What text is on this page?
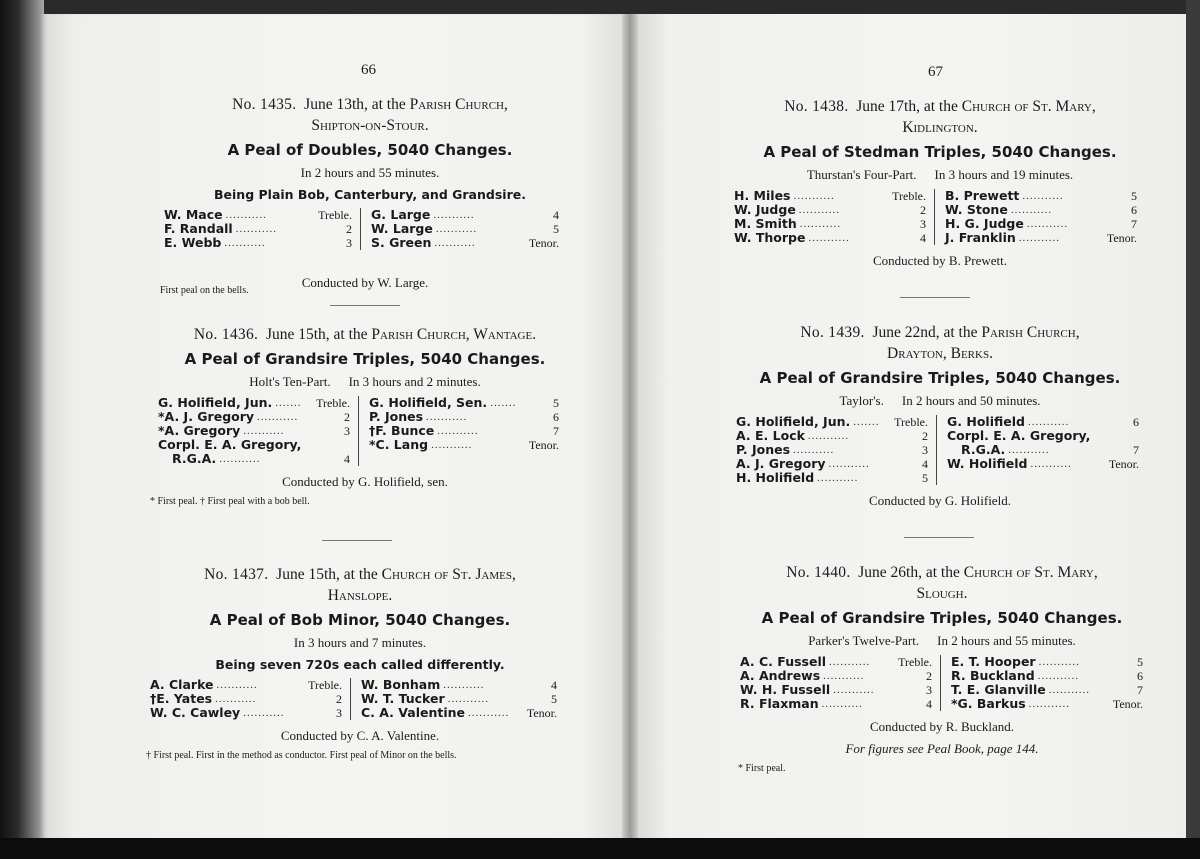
66	67
No. 1435. June 13th, at the Parish Church,
Shipton-on-Stour.
A Peal of Doubles, 5040 Changes.
In 2 hours and 55 minutes.
Being Plain Bob, Canterbury, and Grandsire.
W. Mace ...........	Treble.
F. Randall ...........	2
E. Webb ...........	3
G. Large ...........	4
W. Large ...........	5
S. Green ...........	Tenor.
Conducted by W. Large.
First peal on the bells.
No. 1436. June 15th, at the Parish Church, Wantage.
A Peal of Grandsire Triples, 5040 Changes.
Holt's Ten-Part. In 3 hours and 2 minutes.
G. Holifield, Jun. .......	Treble.
*A. J. Gregory ...........	2
*A. Gregory ...........	3
Corpl. E. A. Gregory,
R.G.A. ...........	4
G. Holifield, Sen. .......	5
P. Jones ...........	6
†F. Bunce ...........	7
*C. Lang ...........	Tenor.
Conducted by G. Holifield, sen.
* First peal. † First peal with a bob bell.
No. 1437. June 15th, at the Church of St. James,
Hanslope.
A Peal of Bob Minor, 5040 Changes.
In 3 hours and 7 minutes.
Being seven 720s each called differently.
A. Clarke ...........	Treble.
†E. Yates ...........	2
W. C. Cawley ...........	3
W. Bonham ...........	4
W. T. Tucker ...........	5
C. A. Valentine ...........	Tenor.
Conducted by C. A. Valentine.
† First peal. First in the method as conductor. First peal of Minor on the bells.
No. 1438. June 17th, at the Church of St. Mary,
Kidlington.
A Peal of Stedman Triples, 5040 Changes.
Thurstan's Four-Part. In 3 hours and 19 minutes.
H. Miles ...........	Treble.
W. Judge ...........	2
M. Smith ...........	3
W. Thorpe ...........	4
B. Prewett ...........	5
W. Stone ...........	6
H. G. Judge ...........	7
J. Franklin ...........	Tenor.
Conducted by B. Prewett.
No. 1439. June 22nd, at the Parish Church,
Drayton, Berks.
A Peal of Grandsire Triples, 5040 Changes.
Taylor's. In 2 hours and 50 minutes.
G. Holifield, Jun. .......	Treble.
A. E. Lock ...........	2
P. Jones ...........	3
A. J. Gregory ...........	4
H. Holifield ...........	5
G. Holifield ...........	6
Corpl. E. A. Gregory,
R.G.A. ...........	7
W. Holifield ...........	Tenor.
Conducted by G. Holifield.
No. 1440. June 26th, at the Church of St. Mary,
Slough.
A Peal of Grandsire Triples, 5040 Changes.
Parker's Twelve-Part. In 2 hours and 55 minutes.
A. C. Fussell ...........	Treble.
A. Andrews ...........	2
W. H. Fussell ...........	3
R. Flaxman ...........	4
E. T. Hooper ...........	5
R. Buckland ...........	6
T. E. Glanville ...........	7
*G. Barkus ...........	Tenor.
Conducted by R. Buckland.
For figures see Peal Book, page 144.
* First peal.
